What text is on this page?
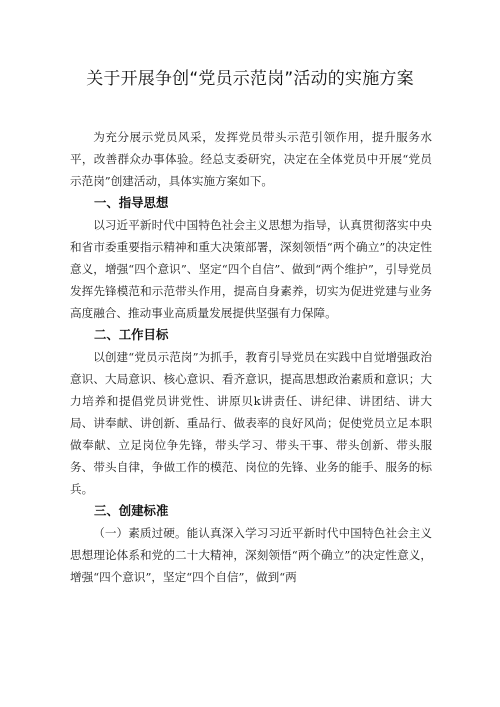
关于开展争创“党员示范岗”活动的实施方案

为充分展示党员风采，发挥党员带头示范引领作用，提升服务水平，改善群众办事体验。经总支委研究，决定在全体党员中开展“党员示范岗”创建活动，具体实施方案如下。

一、指导思想

以习近平新时代中国特色社会主义思想为指导，认真贯彻落实中央和省市委重要指示精神和重大决策部署，深刻领悟“两个确立”的决定性意义，增强“四个意识”、坚定“四个自信”、做到“两个维护”，引导党员发挥先锋模范和示范带头作用，提高自身素养，切实为促进党建与业务高度融合、推动事业高质量发展提供坚强有力保障。

二、工作目标

以创建“党员示范岗”为抓手，教育引导党员在实践中自觉增强政治意识、大局意识、核心意识、看齐意识，提高思想政治素质和意识；大力培养和提倡党员讲党性、讲原贝k讲责任、讲纪律、讲团结、讲大局、讲奉献、讲创新、重品行、做表率的良好风尚；促使党员立足本职做奉献、立足岗位争先锋，带头学习、带头干事、带头创新、带头服务、带头自律，争做工作的模范、岗位的先锋、业务的能手、服务的标兵。

三、创建标准

（一）素质过硬。能认真深入学习习近平新时代中国特色社会主义思想理论体系和党的二十大精神，深刻领悟“两个确立”的决定性意义，增强“四个意识”，坚定“四个自信”，做到“两
